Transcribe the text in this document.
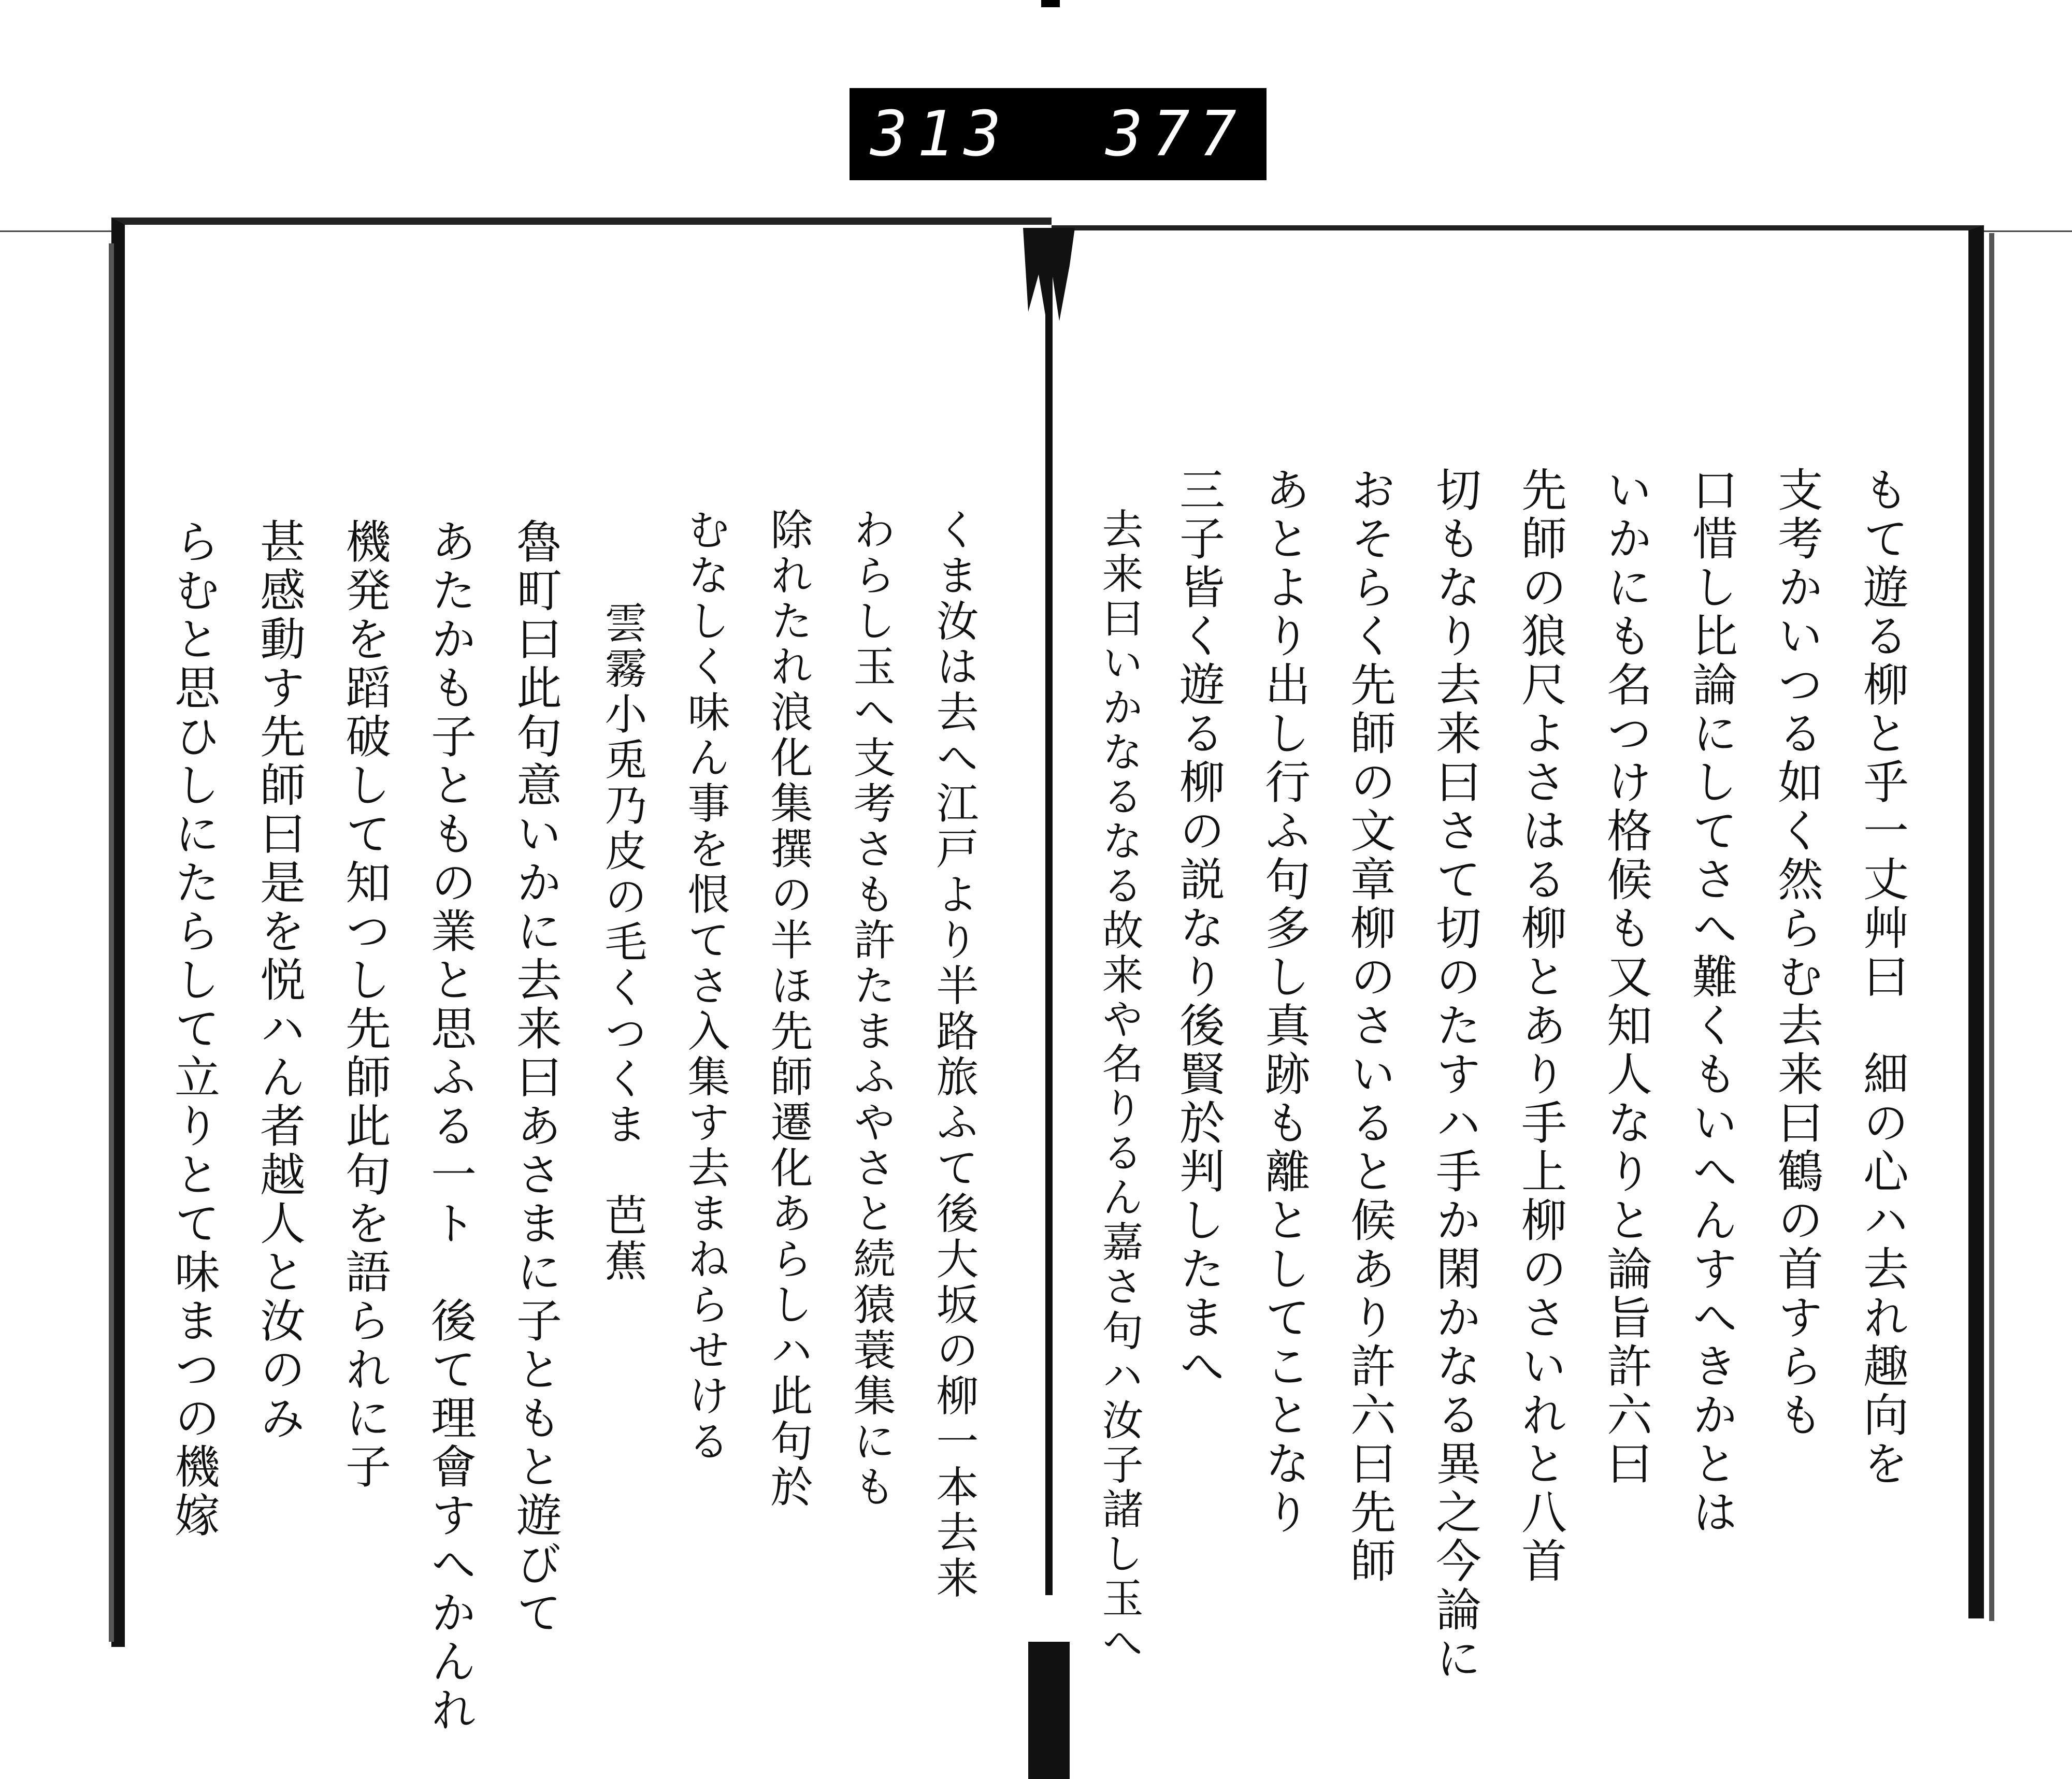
313 377
もて遊る柳と乎一丈艸曰　細の心ハ去れ趣向を
支考かいつる如く然らむ去来曰鶴の首すらも
口惜し比論にしてさへ難くもいへんすへきかとは
いかにも名つけ格候も又知人なりと論旨許六曰
先師の狼尺よさはる柳とあり手上柳のさいれと八首
切もなり去来曰さて切のたすハ手か閑かなる異之今論に
おそらく先師の文章柳のさいると候あり許六曰先師
あとより出し行ふ句多し真跡も離としてことなり
三子皆く遊る柳の説なり後賢於判したまへ
去来曰いかなるなる故来や名りるん嘉さ句ハ汝子諸し玉へ
くま汝は去へ江戸より半路旅ふて後大坂の柳一本去来
わらし玉へ支考さも許たまふやさと続猿蓑集にも
除れたれ浪化集撰の半ほ先師遷化あらしハ此句於
むなしく味ん事を恨てさ入集す去まねらせける
雲霧小兎乃皮の毛くつくま　芭蕉
魯町曰此句意いかに去来曰あさまに子ともと遊びて
あたかも子ともの業と思ふる一ト　後て理會すへかんれ
機発を蹈破して知つし先師此句を語られに子
甚感動す先師曰是を悦ハん者越人と汝のみ
らむと思ひしにたらして立りとて味まつの機嫁
